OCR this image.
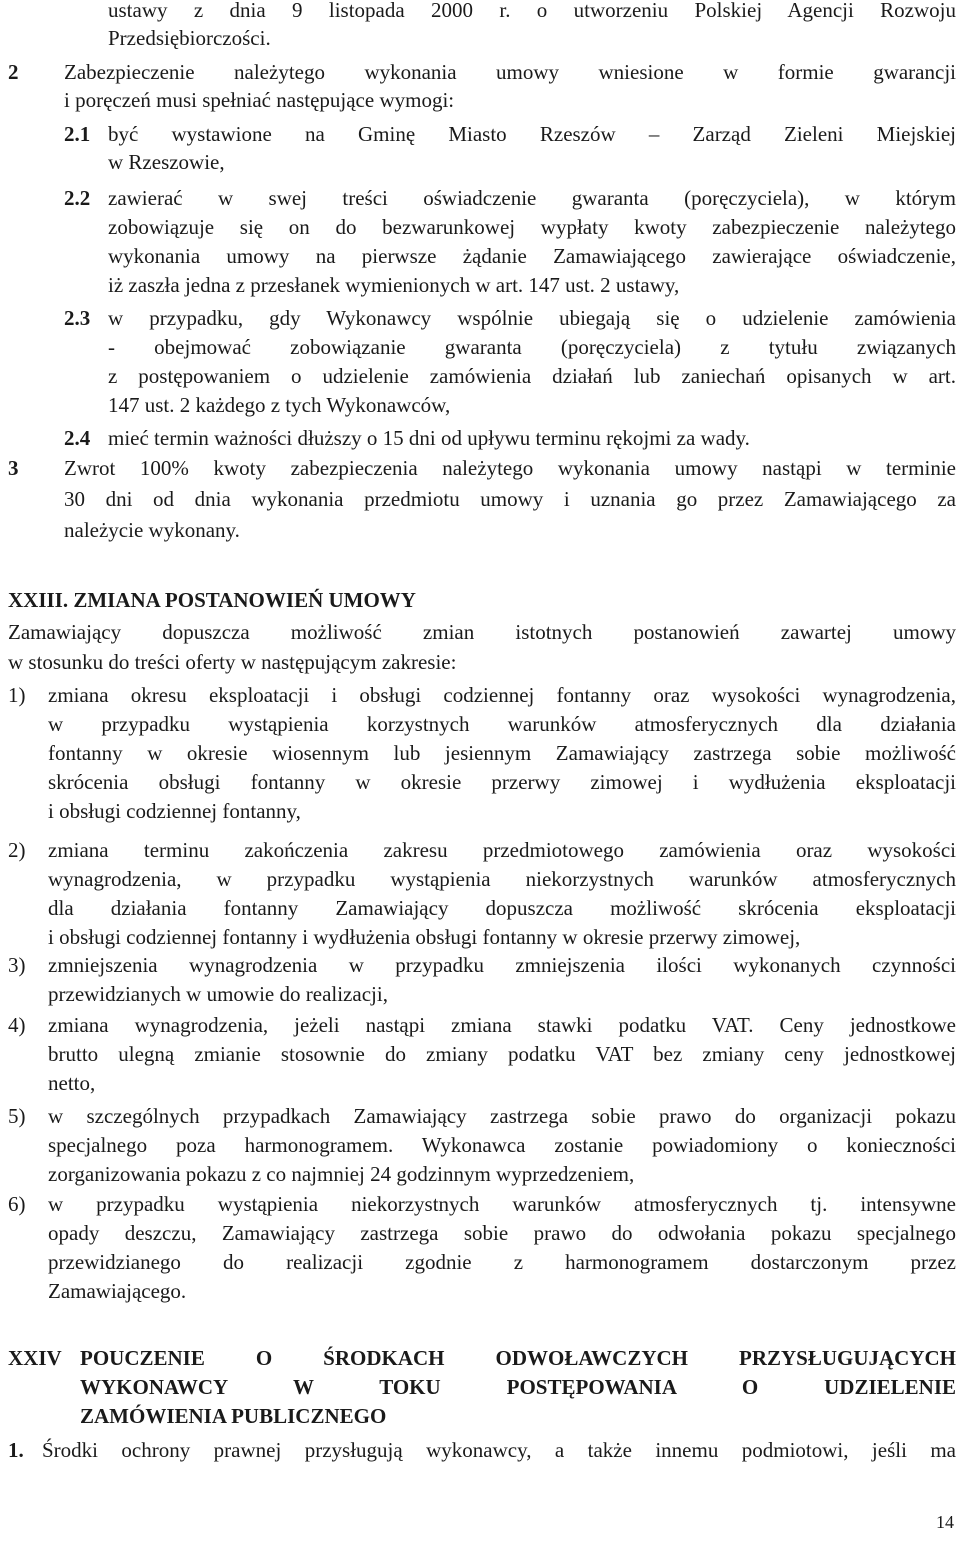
ustawy z dnia 9 listopada 2000 r. o utworzeniu Polskiej Agencji Rozwoju
Przedsiębiorczości.
2 Zabezpieczenie należytego wykonania umowy wniesione w formie gwarancji
i poręczeń musi spełniać następujące wymogi:
2.1 być wystawione na Gminę Miasto Rzeszów – Zarząd Zieleni Miejskiej
w Rzeszowie,
2.2 zawierać w swej treści oświadczenie gwaranta (poręczyciela), w którym
zobowiązuje się on do bezwarunkowej wypłaty kwoty zabezpieczenie należytego
wykonania umowy na pierwsze żądanie Zamawiającego zawierające oświadczenie,
iż zaszła jedna z przesłanek wymienionych w art. 147 ust. 2 ustawy,
2.3 w przypadku, gdy Wykonawcy wspólnie ubiegają się o udzielenie zamówienia
- obejmować zobowiązanie gwaranta (poręczyciela) z tytułu związanych
z postępowaniem o udzielenie zamówienia działań lub zaniechań opisanych w art.
147 ust. 2 każdego z tych Wykonawców,
2.4 mieć termin ważności dłuższy o 15 dni od upływu terminu rękojmi za wady.
3 Zwrot 100% kwoty zabezpieczenia należytego wykonania umowy nastąpi w terminie
30 dni od dnia wykonania przedmiotu umowy i uznania go przez Zamawiającego za
należycie wykonany.
XXIII. ZMIANA POSTANOWIEŃ UMOWY
Zamawiający dopuszcza możliwość zmian istotnych postanowień zawartej umowy
w stosunku do treści oferty w następującym zakresie:
XXIV POUCZENIE O ŚRODKACH ODWOŁAWCZYCH PRZYSŁUGUJĄCYCH
WYKONAWCY W TOKU POSTĘPOWANIA O UDZIELENIE
ZAMÓWIENIA PUBLICZNEGO
1. Środki ochrony prawnej przysługują wykonawcy, a także innemu podmiotowi, jeśli ma
14
1) zmiana okresu eksploatacji i obsługi codziennej fontanny oraz wysokości wynagrodzenia,
w przypadku wystąpienia korzystnych warunków atmosferycznych dla działania
fontanny w okresie wiosennym lub jesiennym Zamawiający zastrzega sobie możliwość
skrócenia obsługi fontanny w okresie przerwy zimowej i wydłużenia eksploatacji
i obsługi codziennej fontanny,
2) zmiana terminu zakończenia zakresu przedmiotowego zamówienia oraz wysokości
wynagrodzenia, w przypadku wystąpienia niekorzystnych warunków atmosferycznych
dla działania fontanny Zamawiający dopuszcza możliwość skrócenia eksploatacji
i obsługi codziennej fontanny i wydłużenia obsługi fontanny w okresie przerwy zimowej,
3) zmniejszenia wynagrodzenia w przypadku zmniejszenia ilości wykonanych czynności
przewidzianych w umowie do realizacji,
4) zmiana wynagrodzenia, jeżeli nastąpi zmiana stawki podatku VAT. Ceny jednostkowe
brutto ulegną zmianie stosownie do zmiany podatku VAT bez zmiany ceny jednostkowej
netto,
5) w szczególnych przypadkach Zamawiający zastrzega sobie prawo do organizacji pokazu
specjalnego poza harmonogramem. Wykonawca zostanie powiadomiony o konieczności
zorganizowania pokazu z co najmniej 24 godzinnym wyprzedzeniem,
6) w przypadku wystąpienia niekorzystnych warunków atmosferycznych tj. intensywne
opady deszczu, Zamawiający zastrzega sobie prawo do odwołania pokazu specjalnego
przewidzianego do realizacji zgodnie z harmonogramem dostarczonym przez
Zamawiającego.
